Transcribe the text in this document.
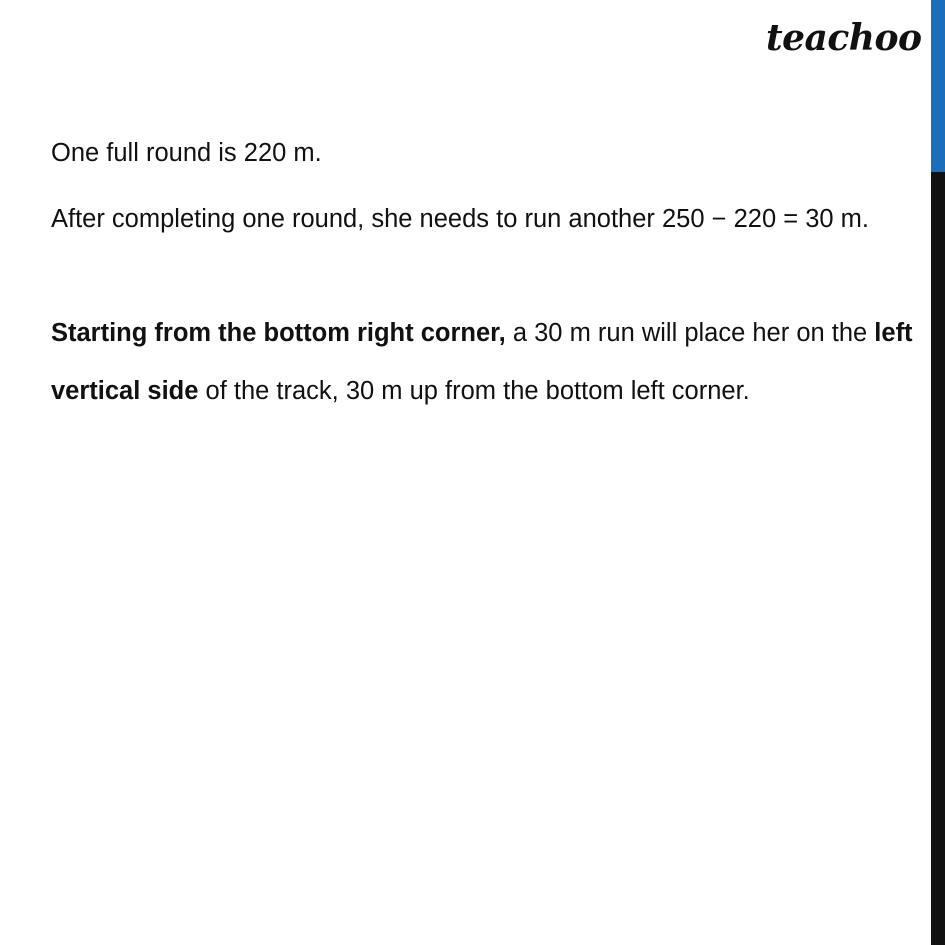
teachoo

One full round is 220 m.

After completing one round, she needs to run another 250 − 220 = 30 m.

Starting from the bottom right corner, a 30 m run will place her on the left vertical side of the track, 30 m up from the bottom left corner.
